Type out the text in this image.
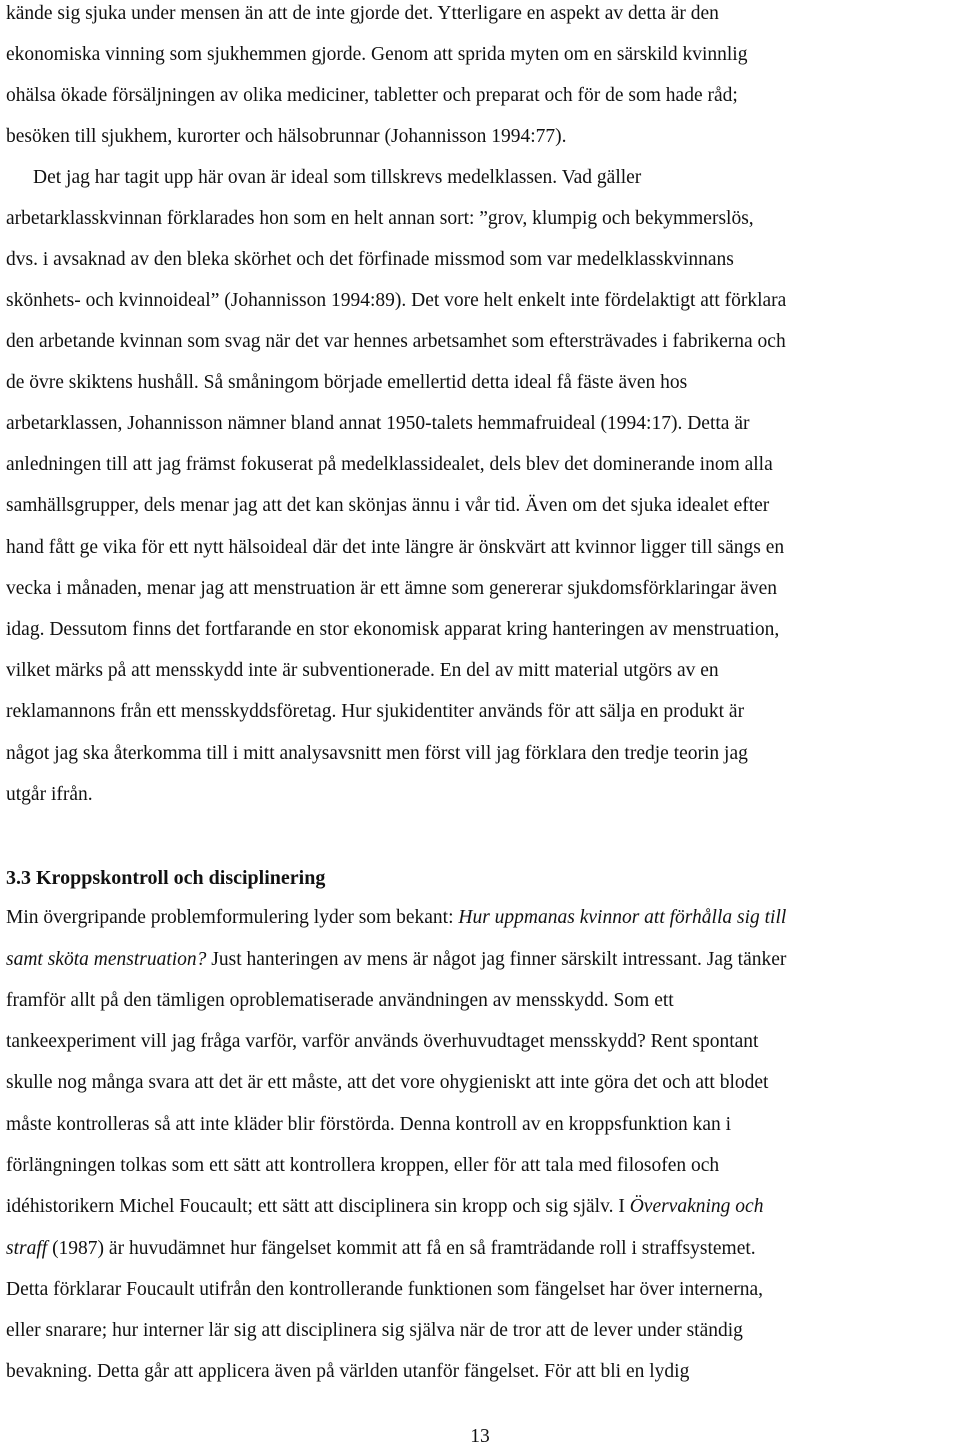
kände sig sjuka under mensen än att de inte gjorde det. Ytterligare en aspekt av detta är den
ekonomiska vinning som sjukhemmen gjorde. Genom att sprida myten om en särskild kvinnlig
ohälsa ökade försäljningen av olika mediciner, tabletter och preparat och för de som hade råd;
besöken till sjukhem, kurorter och hälsobrunnar (Johannisson 1994:77).
Det jag har tagit upp här ovan är ideal som tillskrevs medelklassen. Vad gäller
arbetarklasskvinnan förklarades hon som en helt annan sort: ”grov, klumpig och bekymmerslös,
dvs. i avsaknad av den bleka skörhet och det förfinade missmod som var medelklasskvinnans
skönhets- och kvinnoideal” (Johannisson 1994:89). Det vore helt enkelt inte fördelaktigt att förklara
den arbetande kvinnan som svag när det var hennes arbetsamhet som eftersträvades i fabrikerna och
de övre skiktens hushåll. Så småningom började emellertid detta ideal få fäste även hos
arbetarklassen, Johannisson nämner bland annat 1950-talets hemmafruideal (1994:17). Detta är
anledningen till att jag främst fokuserat på medelklassidealet, dels blev det dominerande inom alla
samhällsgrupper, dels menar jag att det kan skönjas ännu i vår tid. Även om det sjuka idealet efter
hand fått ge vika för ett nytt hälsoideal där det inte längre är önskvärt att kvinnor ligger till sängs en
vecka i månaden, menar jag att menstruation är ett ämne som genererar sjukdomsförklaringar även
idag. Dessutom finns det fortfarande en stor ekonomisk apparat kring hanteringen av menstruation,
vilket märks på att mensskydd inte är subventionerade. En del av mitt material utgörs av en
reklamannons från ett mensskyddsföretag. Hur sjukidentiter används för att sälja en produkt är
något jag ska återkomma till i mitt analysavsnitt men först vill jag förklara den tredje teorin jag
utgår ifrån.
3.3 Kroppskontroll och disciplinering
Min övergripande problemformulering lyder som bekant: Hur uppmanas kvinnor att förhålla sig till
samt sköta menstruation? Just hanteringen av mens är något jag finner särskilt intressant. Jag tänker
framför allt på den tämligen oproblematiserade användningen av mensskydd. Som ett
tankeexperiment vill jag fråga varför, varför används överhuvudtaget mensskydd? Rent spontant
skulle nog många svara att det är ett måste, att det vore ohygieniskt att inte göra det och att blodet
måste kontrolleras så att inte kläder blir förstörda. Denna kontroll av en kroppsfunktion kan i
förlängningen tolkas som ett sätt att kontrollera kroppen, eller för att tala med filosofen och
idéhistorikern Michel Foucault; ett sätt att disciplinera sin kropp och sig själv. I Övervakning och
straff (1987) är huvudämnet hur fängelset kommit att få en så framträdande roll i straffsystemet.
Detta förklarar Foucault utifrån den kontrollerande funktionen som fängelset har över internerna,
eller snarare; hur interner lär sig att disciplinera sig själva när de tror att de lever under ständig
bevakning. Detta går att applicera även på världen utanför fängelset. För att bli en lydig
13
